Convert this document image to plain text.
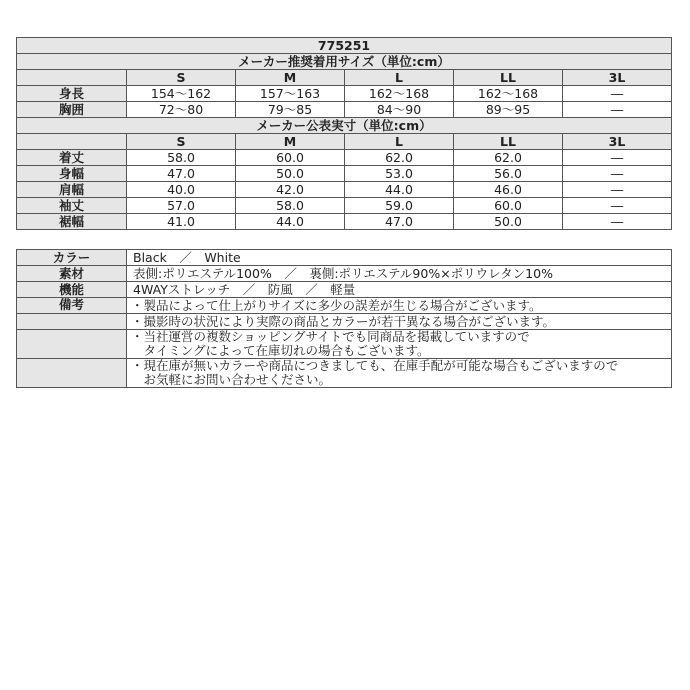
775251					
メーカー推奨着用サイズ（単位:cm）					
	S	M	L	LL	3L
身長	154～162	157～163	162～168	162～168	―
胸囲	72～80	79～85	84～90	89～95	―
メーカー公表実寸（単位:cm）					
	S	M	L	LL	3L
着丈	58.0	60.0	62.0	62.0	―
身幅	47.0	50.0	53.0	56.0	―
肩幅	40.0	42.0	44.0	46.0	―
袖丈	57.0	58.0	59.0	60.0	―
裾幅	41.0	44.0	47.0	50.0	―
カラー	Black　／　White
素材	表側:ポリエステル100%　／　裏側:ポリエステル90%×ポリウレタン10%
機能	4WAYストレッチ　／　防風　／　軽量
備考	・製品によって仕上がりサイズに多少の誤差が生じる場合がございます。

	・撮影時の状況により実際の商品とカラーが若干異なる場合がございます。

	・当社運営の複数ショッピングサイトでも同商品を掲載していますので
　タイミングによって在庫切れの場合もございます。

	・現在庫が無いカラーや商品につきましても、在庫手配が可能な場合もございますので
　お気軽にお問い合わせください。
